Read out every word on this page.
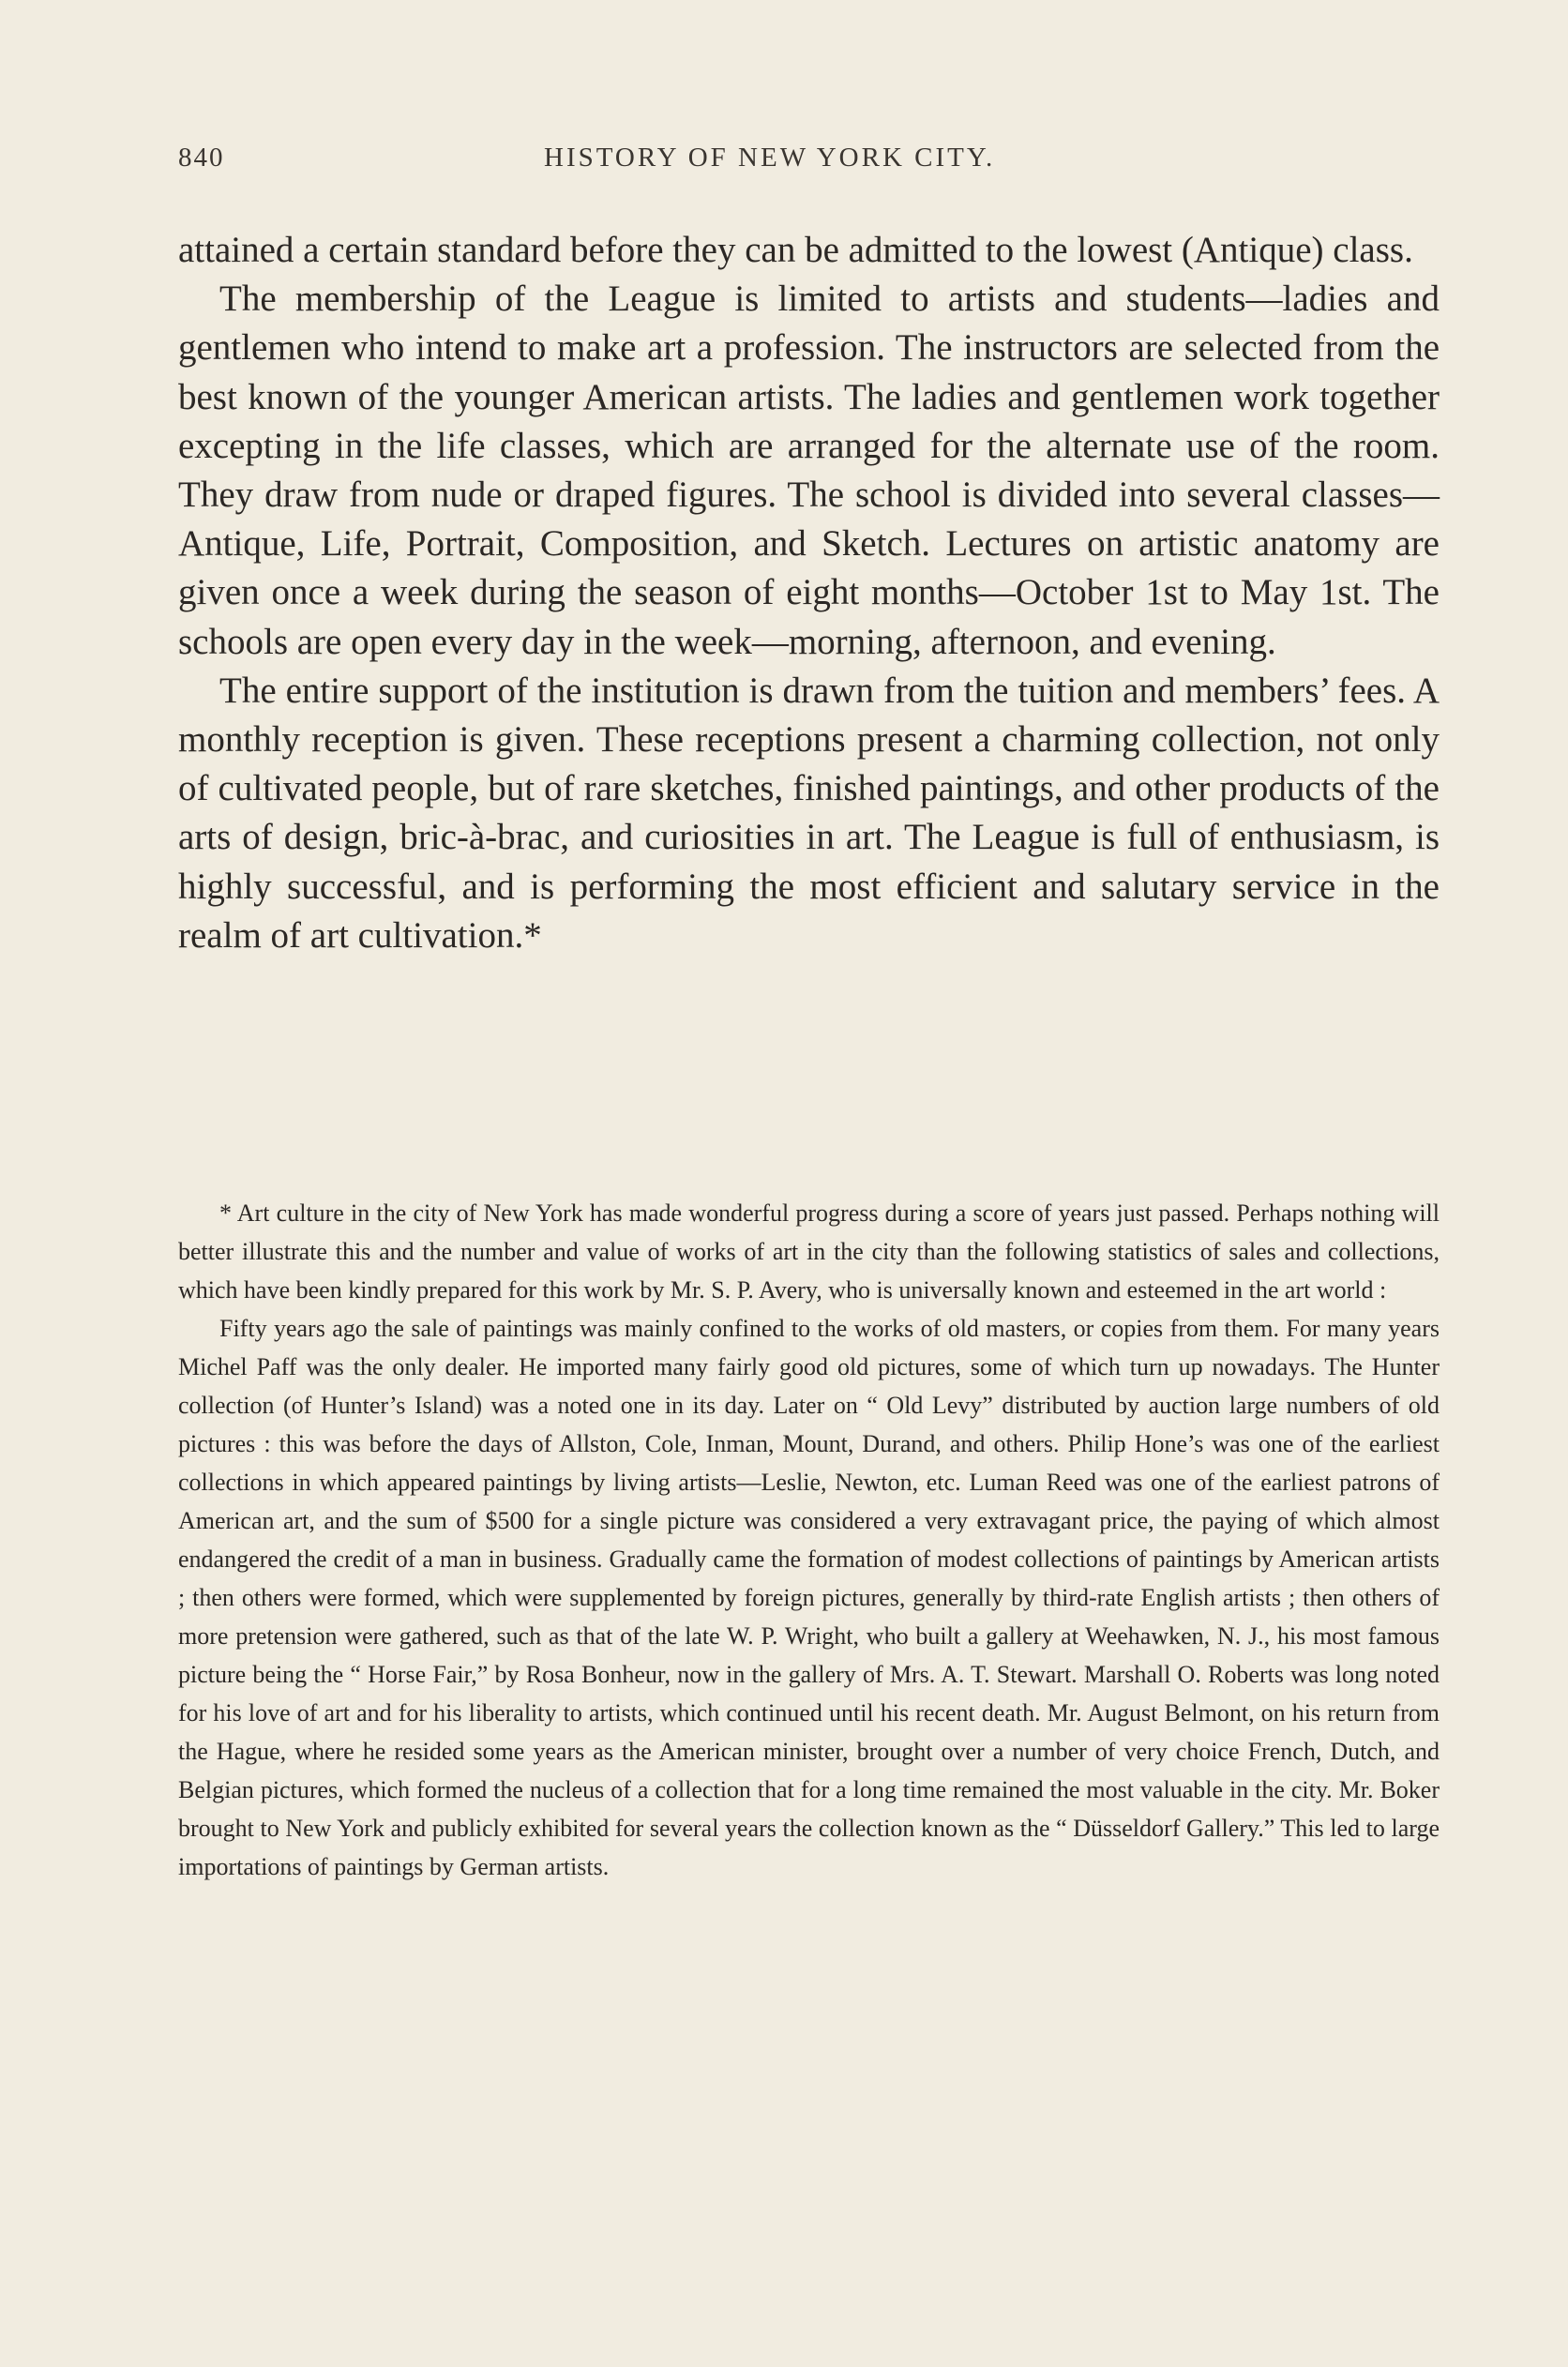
840	HISTORY OF NEW YORK CITY.

attained a certain standard before they can be admitted to the lowest (Antique) class.

The membership of the League is limited to artists and students—ladies and gentlemen who intend to make art a profession. The instructors are selected from the best known of the younger American artists. The ladies and gentlemen work together excepting in the life classes, which are arranged for the alternate use of the room. They draw from nude or draped figures. The school is divided into several classes—Antique, Life, Portrait, Composition, and Sketch. Lectures on artistic anatomy are given once a week during the season of eight months—October 1st to May 1st. The schools are open every day in the week—morning, afternoon, and evening.

The entire support of the institution is drawn from the tuition and members’ fees. A monthly reception is given. These receptions present a charming collection, not only of cultivated people, but of rare sketches, finished paintings, and other products of the arts of design, bric-à-brac, and curiosities in art. The League is full of enthusiasm, is highly successful, and is performing the most efficient and salutary service in the realm of art cultivation.*

* Art culture in the city of New York has made wonderful progress during a score of years just passed. Perhaps nothing will better illustrate this and the number and value of works of art in the city than the following statistics of sales and collections, which have been kindly prepared for this work by Mr. S. P. Avery, who is universally known and esteemed in the art world :

Fifty years ago the sale of paintings was mainly confined to the works of old masters, or copies from them. For many years Michel Paff was the only dealer. He imported many fairly good old pictures, some of which turn up nowadays. The Hunter collection (of Hunter’s Island) was a noted one in its day. Later on “ Old Levy” distributed by auction large numbers of old pictures : this was before the days of Allston, Cole, Inman, Mount, Durand, and others. Philip Hone’s was one of the earliest collections in which appeared paintings by living artists—Leslie, Newton, etc. Luman Reed was one of the earliest patrons of American art, and the sum of $500 for a single picture was considered a very extravagant price, the paying of which almost endangered the credit of a man in business. Gradually came the formation of modest collections of paintings by American artists ; then others were formed, which were supplemented by foreign pictures, generally by third-rate English artists ; then others of more pretension were gathered, such as that of the late W. P. Wright, who built a gallery at Weehawken, N. J., his most famous picture being the “ Horse Fair,” by Rosa Bonheur, now in the gallery of Mrs. A. T. Stewart. Marshall O. Roberts was long noted for his love of art and for his liberality to artists, which continued until his recent death. Mr. August Belmont, on his return from the Hague, where he resided some years as the American minister, brought over a number of very choice French, Dutch, and Belgian pictures, which formed the nucleus of a collection that for a long time remained the most valuable in the city. Mr. Boker brought to New York and publicly exhibited for several years the collection known as the “ Düsseldorf Gallery.” This led to large importations of paintings by German artists.
